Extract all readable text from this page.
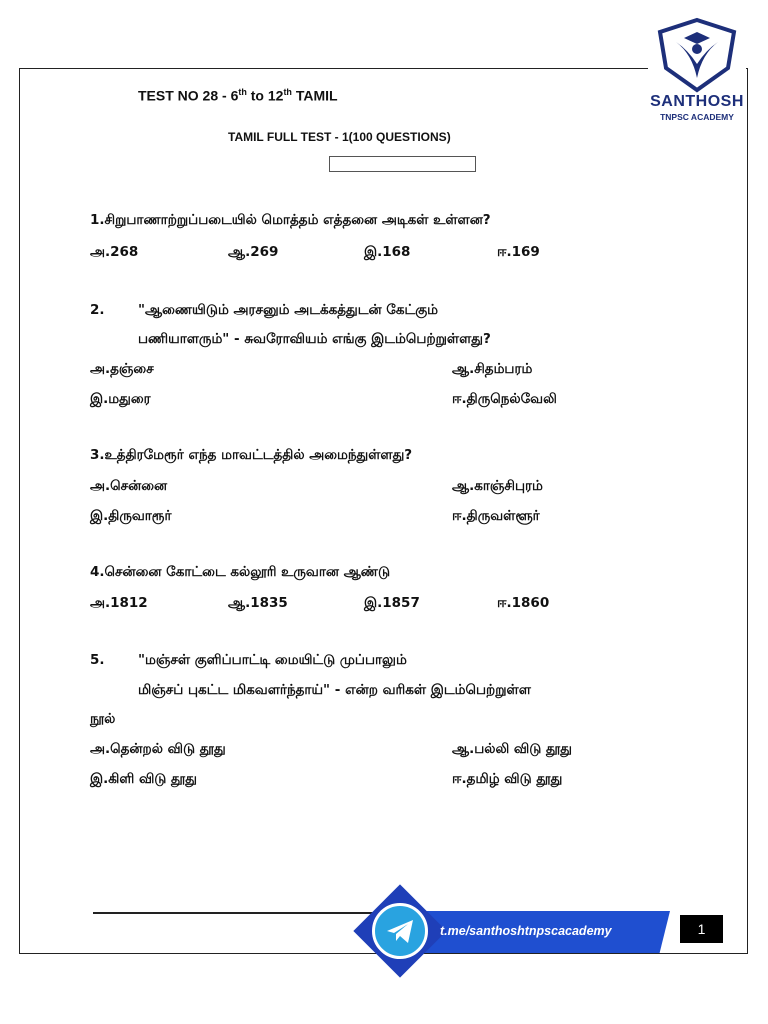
SANTHOSH
TNPSC ACADEMY
TEST NO 28 - 6th to 12th TAMIL
TAMIL FULL TEST - 1(100 QUESTIONS)
1.சிறுபாணாற்றுப்படையில் மொத்தம் எத்தனை அடிகள் உள்ளன?
அ.268	ஆ.269	இ.168	ஈ.169
2. "ஆணையிடும் அரசனும் அடக்கத்துடன் கேட்கும்
பணியாளரும்" - சுவரோவியம் எங்கு இடம்பெற்றுள்ளது?
அ.தஞ்சை	ஆ.சிதம்பரம்
இ.மதுரை	ஈ.திருநெல்வேலி
3.உத்திரமேரூர் எந்த மாவட்டத்தில் அமைந்துள்ளது?
அ.சென்னை	ஆ.காஞ்சிபுரம்
இ.திருவாரூர்	ஈ.திருவள்ளூர்
4.சென்னை கோட்டை கல்லூரி உருவான ஆண்டு
அ.1812	ஆ.1835	இ.1857	ஈ.1860
5. "மஞ்சள் குளிப்பாட்டி மையிட்டு முப்பாலும்
மிஞ்சப் புகட்ட மிகவளர்ந்தாய்" - என்ற வரிகள் இடம்பெற்றுள்ள
நூல்
அ.தென்றல் விடு தூது	ஆ.பல்லி விடு தூது
இ.கிளி விடு தூது	ஈ.தமிழ் விடு தூது
t.me/santhoshtnpscacademy	1
